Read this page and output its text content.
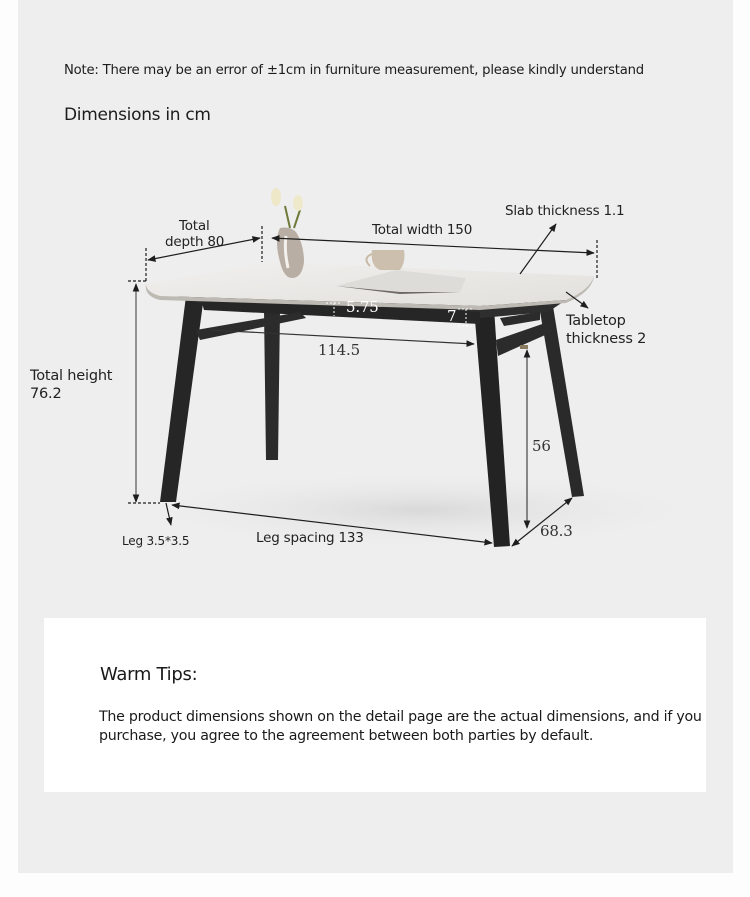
Note: There may be an error of ±1cm in furniture measurement, please kindly understand
Dimensions in cm
Total
depth 80
Total width 150
Slab thickness 1.1
5.75	7
114.5
Tabletop
thickness 2
Total height
76.2
56
68.3
Leg spacing 133
Leg 3.5*3.5
Warm Tips:
The product dimensions shown on the detail page are the actual dimensions, and if you purchase, you agree to the agreement between both parties by default.
